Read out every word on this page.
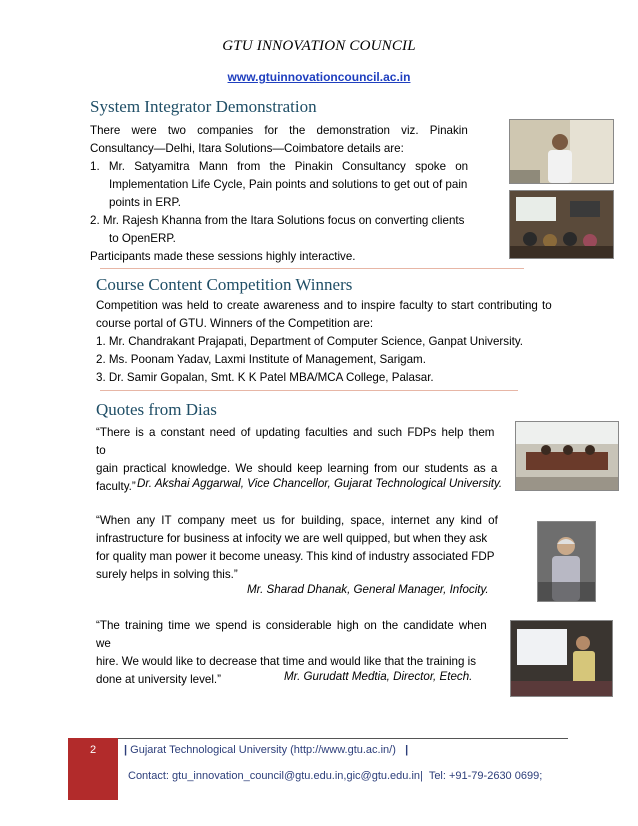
GTU INNOVATION COUNCIL
www.gtuinnovationcouncil.ac.in
System Integrator Demonstration
There were two companies for the demonstration viz. Pinakin
Consultancy—Delhi, Itara Solutions—Coimbatore details are:
1. Mr. Satyamitra Mann from the Pinakin Consultancy spoke on
Implementation Life Cycle, Pain points and solutions to get out of pain
points in ERP.
2. Mr. Rajesh Khanna from the Itara Solutions focus on converting clients
to OpenERP.
Participants made these sessions highly interactive.
Course Content Competition Winners
Competition was held to create awareness and to inspire faculty to start contributing to
course portal of GTU. Winners of the Competition are:
1. Mr. Chandrakant Prajapati, Department of Computer Science, Ganpat University.
2. Ms. Poonam Yadav, Laxmi Institute of Management, Sarigam.
3. Dr. Samir Gopalan, Smt. K K Patel MBA/MCA College, Palasar.
Quotes from Dias
“There is a constant need of updating faculties and such FDPs help them to
gain practical knowledge. We should keep learning from our students as a
faculty.” Dr. Akshai Aggarwal, Vice Chancellor, Gujarat Technological University.
“When any IT company meet us for building, space, internet any kind of
infrastructure for business at infocity we are well quipped, but when they ask
for quality man power it become uneasy. This kind of industry associated FDP
surely helps in solving this.”
Mr. Sharad Dhanak, General Manager, Infocity.
“The training time we spend is considerable high on the candidate when we
hire. We would like to decrease that time and would like that the training is
done at university level.”	Mr. Gurudatt Medtia, Director, Etech.
2	| Gujarat Technological University (http://www.gtu.ac.in/)   |
Contact: gtu_innovation_council@gtu.edu.in,gic@gtu.edu.in|  Tel: +91-79-2630 0699;
